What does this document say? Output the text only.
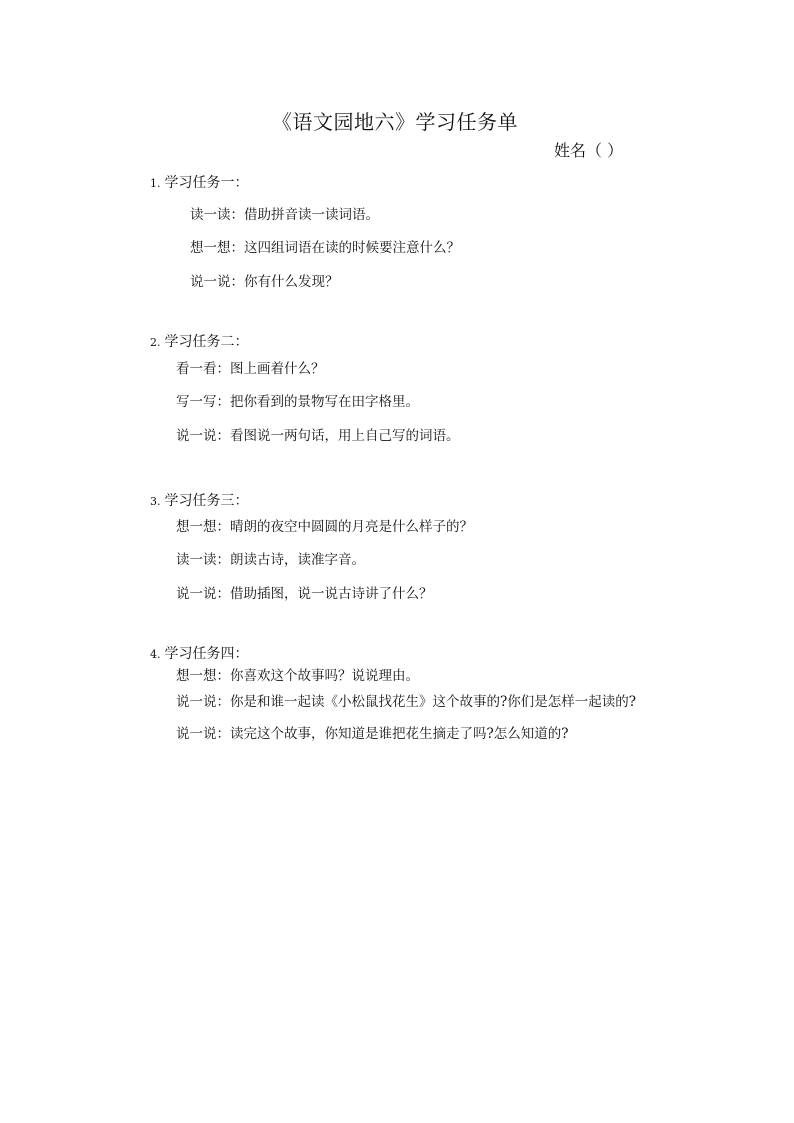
《语文园地六》学习任务单
姓名（ ）
1. 学习任务一：
读一读：借助拼音读一读词语。
想一想：这四组词语在读的时候要注意什么？
说一说：你有什么发现？
2. 学习任务二：
看一看：图上画着什么？
写一写：把你看到的景物写在田字格里。
说一说：看图说一两句话，用上自己写的词语。
3. 学习任务三：
想一想：晴朗的夜空中圆圆的月亮是什么样子的？
读一读：朗读古诗，读准字音。
说一说：借助插图，说一说古诗讲了什么？
4. 学习任务四：
想一想：你喜欢这个故事吗？说说理由。
说一说：你是和谁一起读《小松鼠找花生》这个故事的?你们是怎样一起读的?
说一说：读完这个故事，你知道是谁把花生摘走了吗?怎么知道的?
